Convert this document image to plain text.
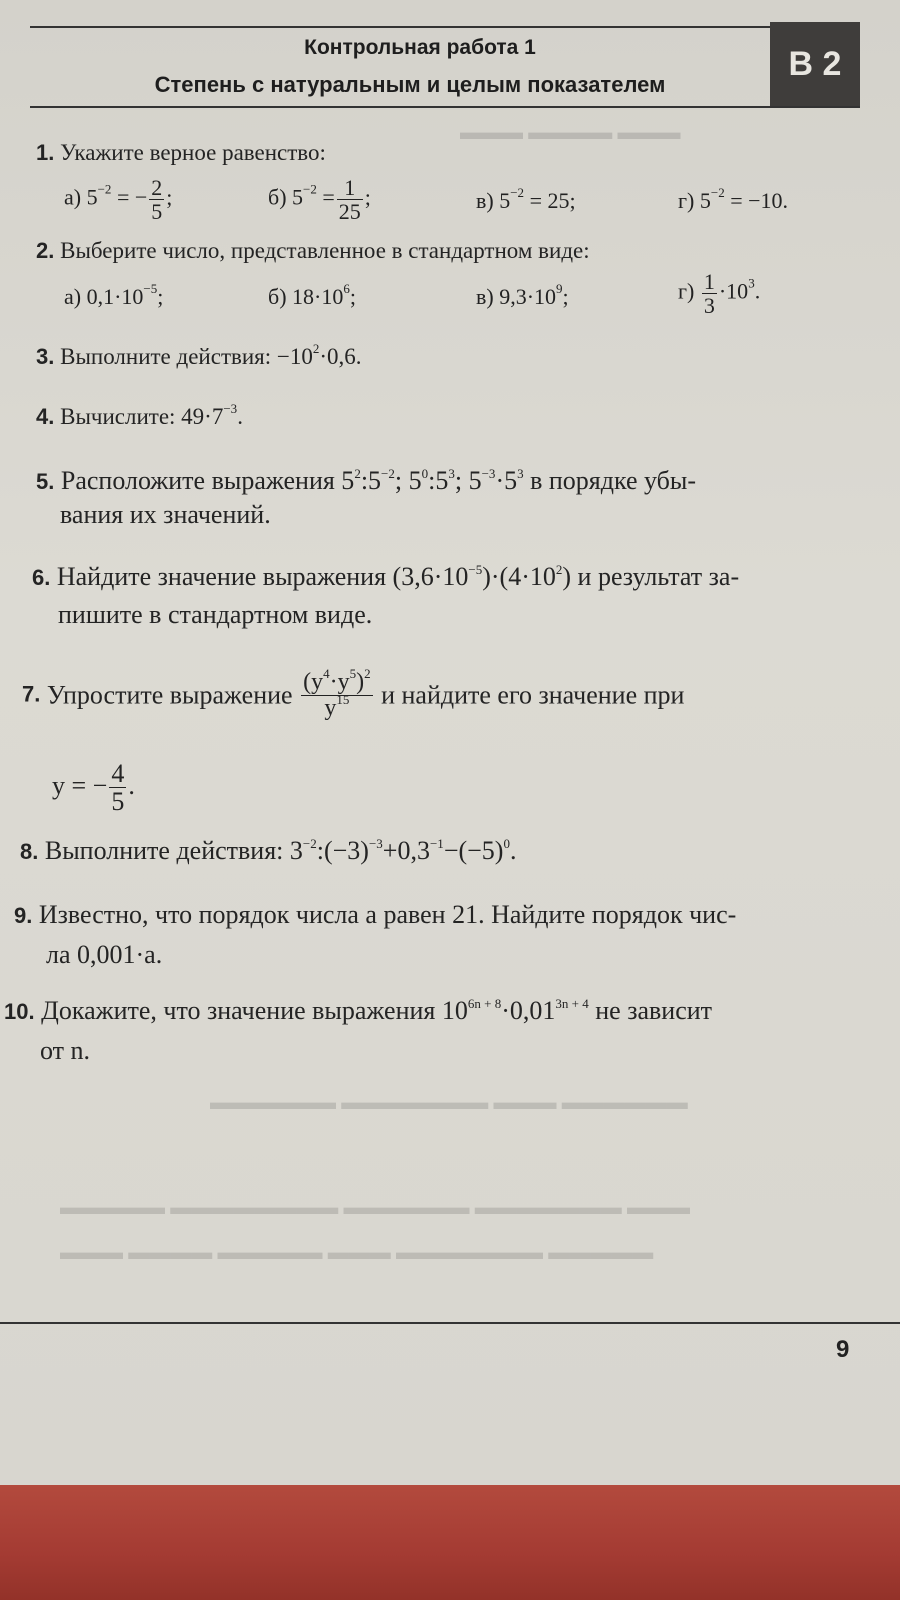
▬▬▬ ▬▬▬▬ ▬▬▬
▬▬▬▬▬▬ ▬▬▬ ▬▬▬▬▬▬▬ ▬▬▬▬▬▬
▬▬▬ ▬▬▬▬▬▬▬ ▬▬▬▬▬▬ ▬▬▬▬▬▬▬▬ ▬▬▬▬▬
▬▬▬▬▬ ▬▬▬▬▬▬▬ ▬▬▬ ▬▬▬▬▬ ▬▬▬▬ ▬▬▬
Контрольная работа 1
Степень с натуральным и целым показателем
В 2
1. Укажите верное равенство:
а) $5^{-2}$ = − $\frac{2}{5}$ ;	б) $5^{-2} = \frac{1}{25}$ ;	в) $5^{-2} = 25$;	г) $5^{-2} = -10$.
2. Выберите число, представленное в стандартном виде:
а) $0,1\cdot 10^{-5}$;	б) $18\cdot 10^6$;	в) $9,3\cdot 10^9$;	$г) \frac{1}{3} \cdot 10^3$.
3. Выполните действия: $-10^2\cdot 0,6$.
4. Вычислите: $49\cdot 7^{-3}$.
5. Расположите выражения $5^2:5^{-2}$; $5^0:5^3$; $5^{-3}\cdot 5^3$ в порядке убы-
вания их значений.
6. Найдите значение выражения $(3,6\cdot 10^{-5})\cdot(4\cdot 10^2)$ и результат за-
пишите в стандартном виде.
7. Упростите выражение $\frac{(y^4\cdot y^5)^2}{y^{15}}$ и найдите его значение при
y = − $\frac{4}{5}$ .
8. Выполните действия: $3^{-2}:(-3)^{-3}+0,3^{-1}-(-5)^0$.
9. Известно, что порядок числа a равен 21. Найдите порядок чис-
ла 0,001·a.
10. Докажите, что значение выражения $10^{6n + 8}\cdot 0,01^{3n + 4}$ не зависит
от n.
9
